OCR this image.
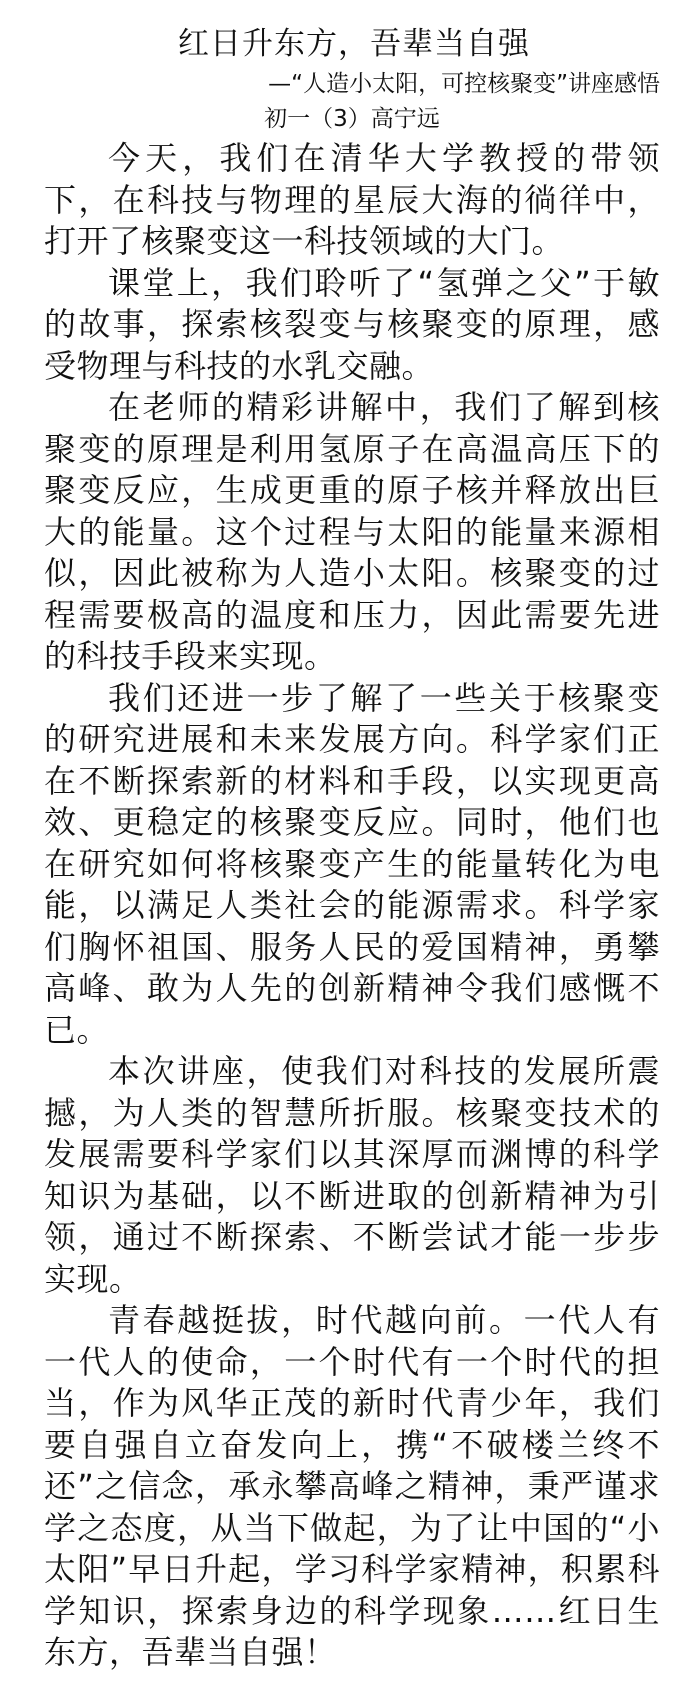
红日升东方，吾辈当自强
—“人造小太阳，可控核聚变”讲座感悟
初一（3）高宁远

今天，我们在清华大学教授的带领下，在科技与物理的星辰大海的徜徉中，打开了核聚变这一科技领域的大门。

课堂上，我们聆听了“氢弹之父”于敏的故事，探索核裂变与核聚变的原理，感受物理与科技的水乳交融。

在老师的精彩讲解中，我们了解到核聚变的原理是利用氢原子在高温高压下的聚变反应，生成更重的原子核并释放出巨大的能量。这个过程与太阳的能量来源相似，因此被称为人造小太阳。核聚变的过程需要极高的温度和压力，因此需要先进的科技手段来实现。

我们还进一步了解了一些关于核聚变的研究进展和未来发展方向。科学家们正在不断探索新的材料和手段，以实现更高效、更稳定的核聚变反应。同时，他们也在研究如何将核聚变产生的能量转化为电能，以满足人类社会的能源需求。科学家们胸怀祖国、服务人民的爱国精神，勇攀高峰、敢为人先的创新精神令我们感慨不已。

本次讲座，使我们对科技的发展所震撼，为人类的智慧所折服。核聚变技术的发展需要科学家们以其深厚而渊博的科学知识为基础，以不断进取的创新精神为引领，通过不断探索、不断尝试才能一步步实现。

青春越挺拔，时代越向前。一代人有一代人的使命，一个时代有一个时代的担当，作为风华正茂的新时代青少年，我们要自强自立奋发向上，携“不破楼兰终不还”之信念，承永攀高峰之精神，秉严谨求学之态度，从当下做起，为了让中国的“小太阳”早日升起，学习科学家精神，积累科学知识，探索身边的科学现象……红日生东方，吾辈当自强！
